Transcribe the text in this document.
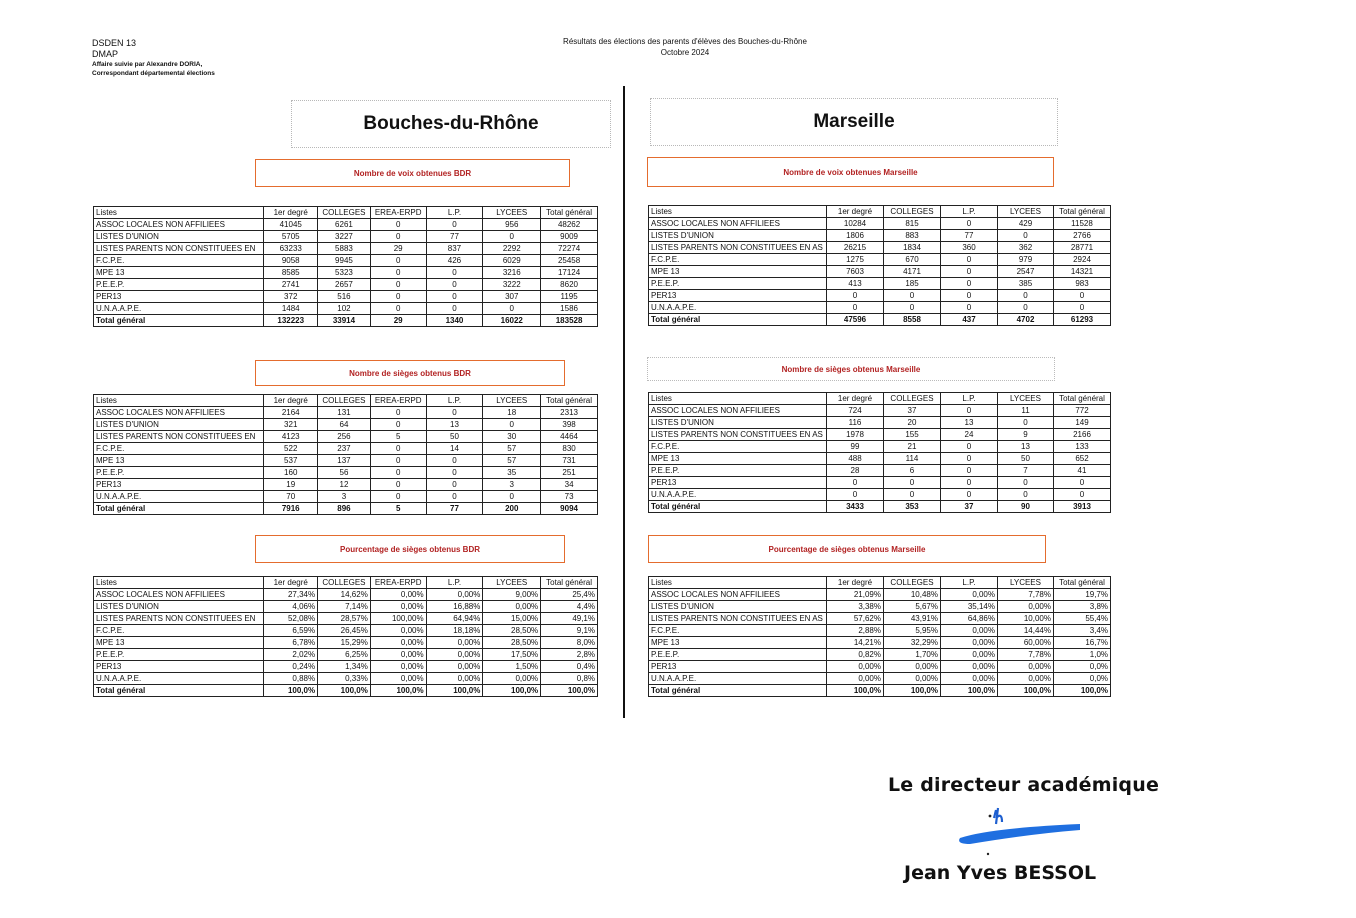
DSDEN 13
DMAP
Affaire suivie par Alexandre DORIA,
Correspondant départemental élections
Résultats des élections des parents d'élèves des Bouches-du-Rhône
Octobre 2024
Bouches-du-Rhône	Marseille
Nombre de voix obtenues BDR	Nombre de voix obtenues Marseille
Nombre de sièges obtenus BDR	Nombre de sièges obtenus Marseille
Pourcentage de sièges obtenus BDR	Pourcentage de sièges obtenus Marseille
Listes	1er degré	COLLEGES	EREA-ERPD	L.P.	LYCEES	Total général
ASSOC LOCALES NON AFFILIEES	41045	6261	0	0	956	48262
LISTES D'UNION	5705	3227	0	77	0	9009
LISTES PARENTS NON CONSTITUEES EN	63233	5883	29	837	2292	72274
F.C.P.E.	9058	9945	0	426	6029	25458
MPE 13	8585	5323	0	0	3216	17124
P.E.E.P.	2741	2657	0	0	3222	8620
PER13	372	516	0	0	307	1195
U.N.A.A.P.E.	1484	102	0	0	0	1586
Total général	132223	33914	29	1340	16022	183528
Listes	1er degré	COLLEGES	EREA-ERPD	L.P.	LYCEES	Total général
ASSOC LOCALES NON AFFILIEES	2164	131	0	0	18	2313
LISTES D'UNION	321	64	0	13	0	398
LISTES PARENTS NON CONSTITUEES EN	4123	256	5	50	30	4464
F.C.P.E.	522	237	0	14	57	830
MPE 13	537	137	0	0	57	731
P.E.E.P.	160	56	0	0	35	251
PER13	19	12	0	0	3	34
U.N.A.A.P.E.	70	3	0	0	0	73
Total général	7916	896	5	77	200	9094
Listes	1er degré	COLLEGES	EREA-ERPD	L.P.	LYCEES	Total général
ASSOC LOCALES NON AFFILIEES	27,34%	14,62%	0,00%	0,00%	9,00%	25,4%
LISTES D'UNION	4,06%	7,14%	0,00%	16,88%	0,00%	4,4%
LISTES PARENTS NON CONSTITUEES EN	52,08%	28,57%	100,00%	64,94%	15,00%	49,1%
F.C.P.E.	6,59%	26,45%	0,00%	18,18%	28,50%	9,1%
MPE 13	6,78%	15,29%	0,00%	0,00%	28,50%	8,0%
P.E.E.P.	2,02%	6,25%	0,00%	0,00%	17,50%	2,8%
PER13	0,24%	1,34%	0,00%	0,00%	1,50%	0,4%
U.N.A.A.P.E.	0,88%	0,33%	0,00%	0,00%	0,00%	0,8%
Total général	100,0%	100,0%	100,0%	100,0%	100,0%	100,0%
Listes	1er degré	COLLEGES	L.P.	LYCEES	Total général
ASSOC LOCALES NON AFFILIEES	10284	815	0	429	11528
LISTES D'UNION	1806	883	77	0	2766
LISTES PARENTS NON CONSTITUEES EN AS	26215	1834	360	362	28771
F.C.P.E.	1275	670	0	979	2924
MPE 13	7603	4171	0	2547	14321
P.E.E.P.	413	185	0	385	983
PER13	0	0	0	0	0
U.N.A.A.P.E.	0	0	0	0	0
Total général	47596	8558	437	4702	61293
Listes	1er degré	COLLEGES	L.P.	LYCEES	Total général
ASSOC LOCALES NON AFFILIEES	724	37	0	11	772
LISTES D'UNION	116	20	13	0	149
LISTES PARENTS NON CONSTITUEES EN AS	1978	155	24	9	2166
F.C.P.E.	99	21	0	13	133
MPE 13	488	114	0	50	652
P.E.E.P.	28	6	0	7	41
PER13	0	0	0	0	0
U.N.A.A.P.E.	0	0	0	0	0
Total général	3433	353	37	90	3913
Listes	1er degré	COLLEGES	L.P.	LYCEES	Total général
ASSOC LOCALES NON AFFILIEES	21,09%	10,48%	0,00%	7,78%	19,7%
LISTES D'UNION	3,38%	5,67%	35,14%	0,00%	3,8%
LISTES PARENTS NON CONSTITUEES EN AS	57,62%	43,91%	64,86%	10,00%	55,4%
F.C.P.E.	2,88%	5,95%	0,00%	14,44%	3,4%
MPE 13	14,21%	32,29%	0,00%	60,00%	16,7%
P.E.E.P.	0,82%	1,70%	0,00%	7,78%	1,0%
PER13	0,00%	0,00%	0,00%	0,00%	0,0%
U.N.A.A.P.E.	0,00%	0,00%	0,00%	0,00%	0,0%
Total général	100,0%	100,0%	100,0%	100,0%	100,0%
Le directeur académique
Jean Yves BESSOL
